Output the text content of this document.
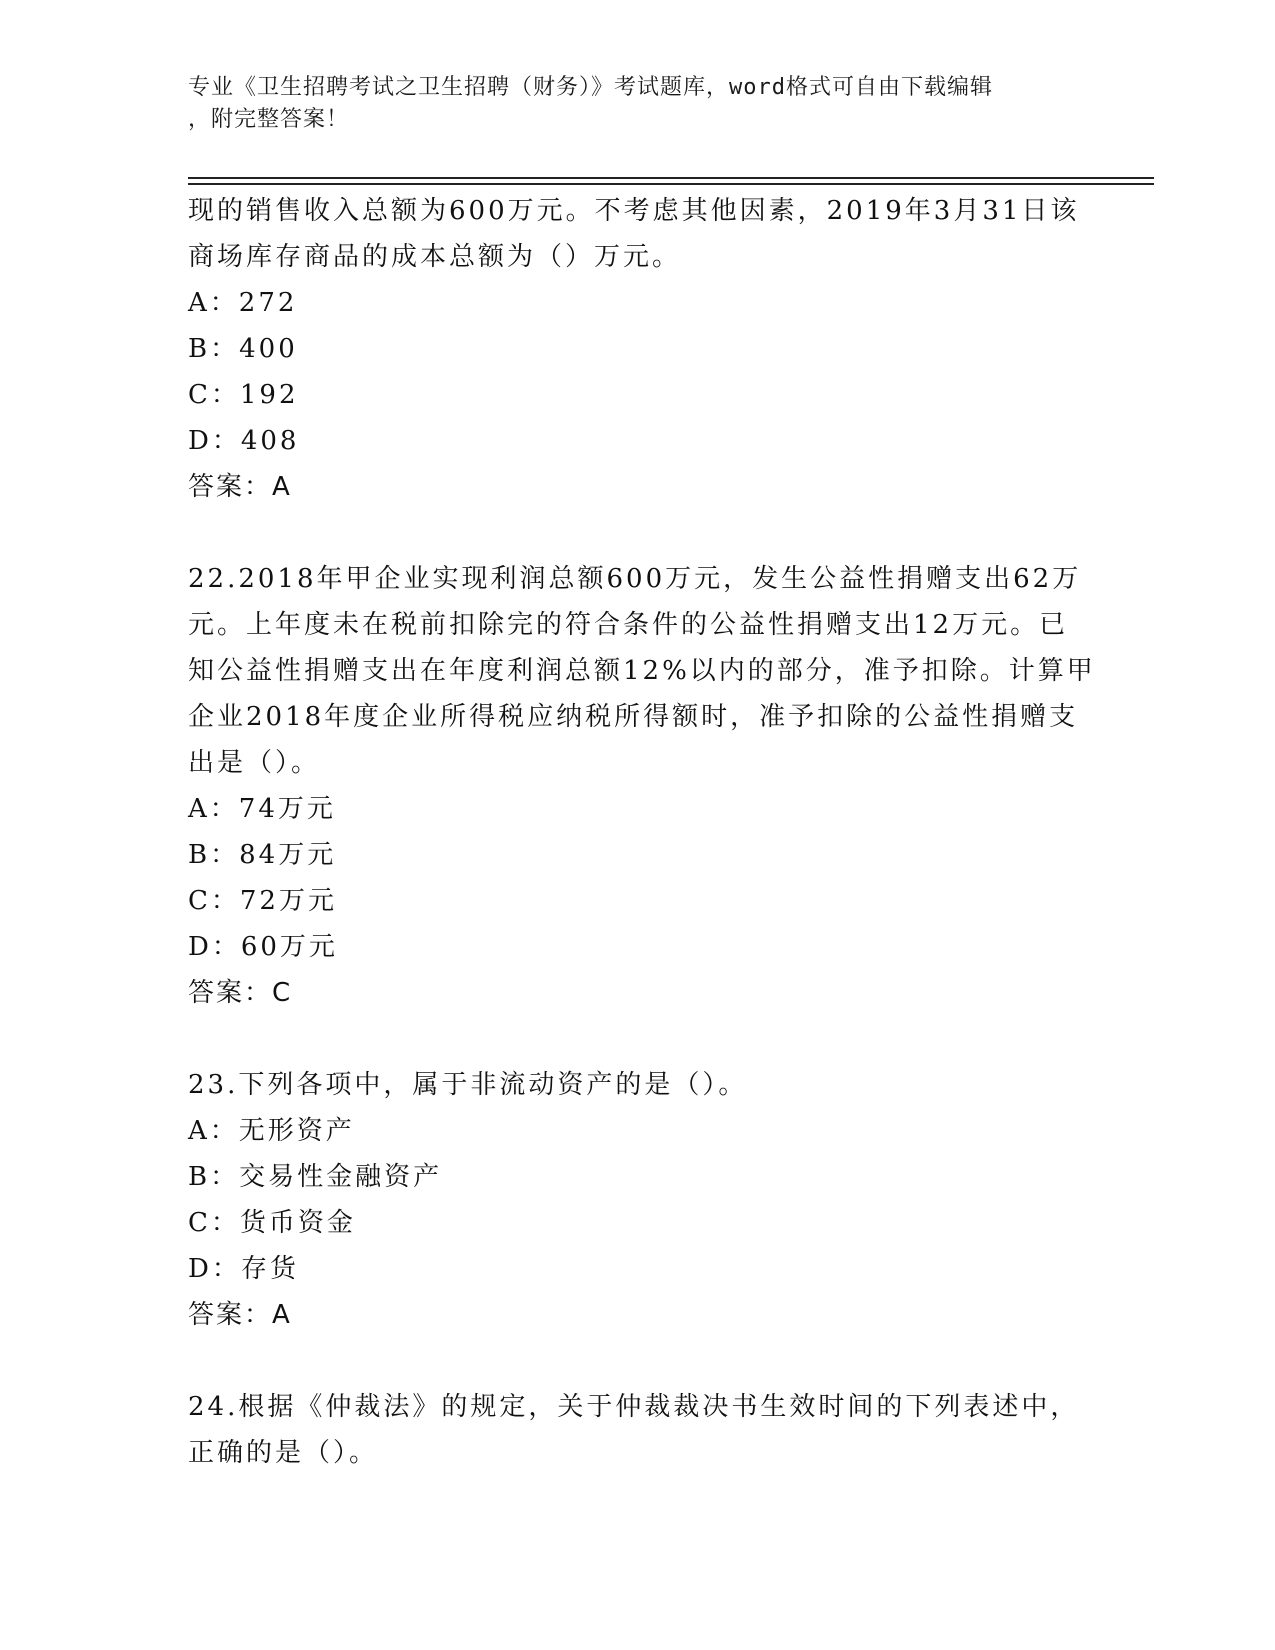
专业《卫生招聘考试之卫生招聘（财务）》考试题库，word格式可自由下载编辑
，附完整答案！
现的销售收入总额为600万元。不考虑其他因素，2019年3月31日该
商场库存商品的成本总额为（）万元。
A：272
B：400
C：192
D：408
答案：A
22.2018年甲企业实现利润总额600万元，发生公益性捐赠支出62万
元。上年度未在税前扣除完的符合条件的公益性捐赠支出12万元。已
知公益性捐赠支出在年度利润总额12%以内的部分，准予扣除。计算甲
企业2018年度企业所得税应纳税所得额时，准予扣除的公益性捐赠支
出是（）。
A：74万元
B：84万元
C：72万元
D：60万元
答案：C
23.下列各项中，属于非流动资产的是（）。
A：无形资产
B：交易性金融资产
C：货币资金
D：存货
答案：A
24.根据《仲裁法》的规定，关于仲裁裁决书生效时间的下列表述中，
正确的是（）。
